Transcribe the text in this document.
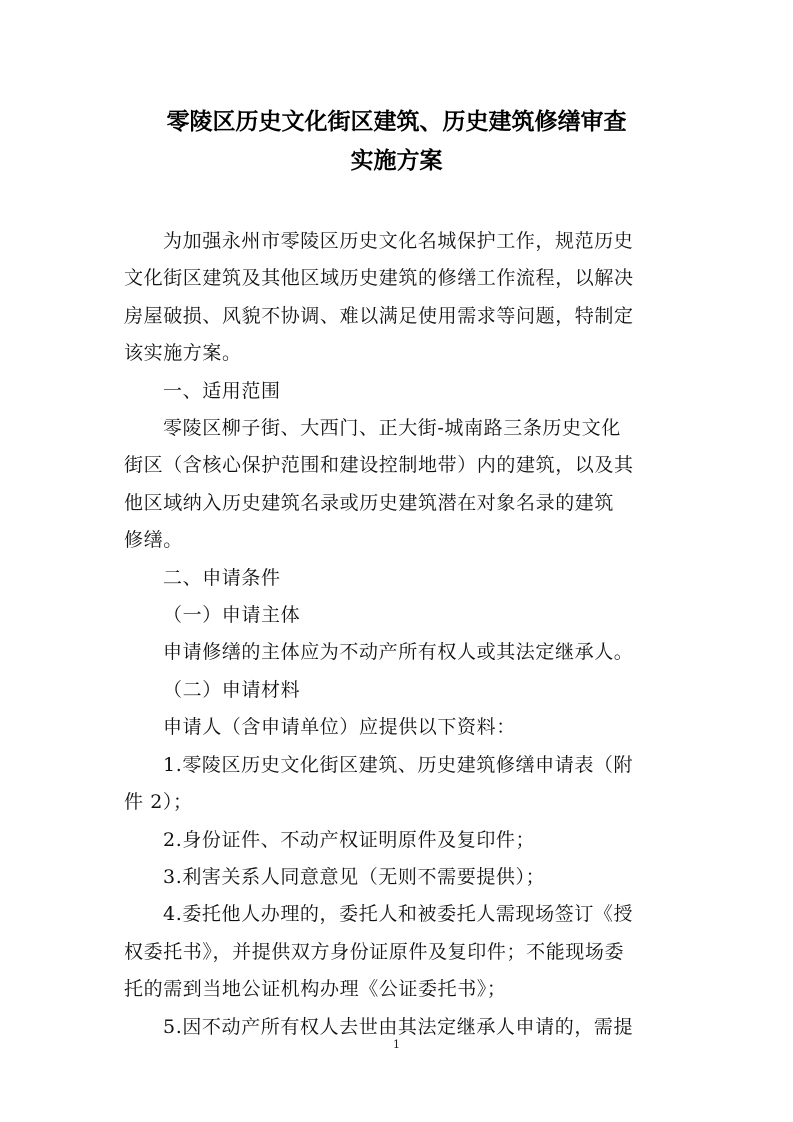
零陵区历史文化街区建筑、历史建筑修缮审查
实施方案
为加强永州市零陵区历史文化名城保护工作，规范历史
文化街区建筑及其他区域历史建筑的修缮工作流程，以解决
房屋破损、风貌不协调、难以满足使用需求等问题，特制定
该实施方案。
一、适用范围
零陵区柳子街、大西门、正大街-城南路三条历史文化
街区（含核心保护范围和建设控制地带）内的建筑，以及其
他区域纳入历史建筑名录或历史建筑潜在对象名录的建筑
修缮。
二、申请条件
（一）申请主体
申请修缮的主体应为不动产所有权人或其法定继承人。
（二）申请材料
申请人（含申请单位）应提供以下资料：
1.零陵区历史文化街区建筑、历史建筑修缮申请表（附
件 2）；
2.身份证件、不动产权证明原件及复印件；
3.利害关系人同意意见（无则不需要提供）；
4.委托他人办理的，委托人和被委托人需现场签订《授
权委托书》，并提供双方身份证原件及复印件；不能现场委
托的需到当地公证机构办理《公证委托书》；
5.因不动产所有权人去世由其法定继承人申请的，需提
1
